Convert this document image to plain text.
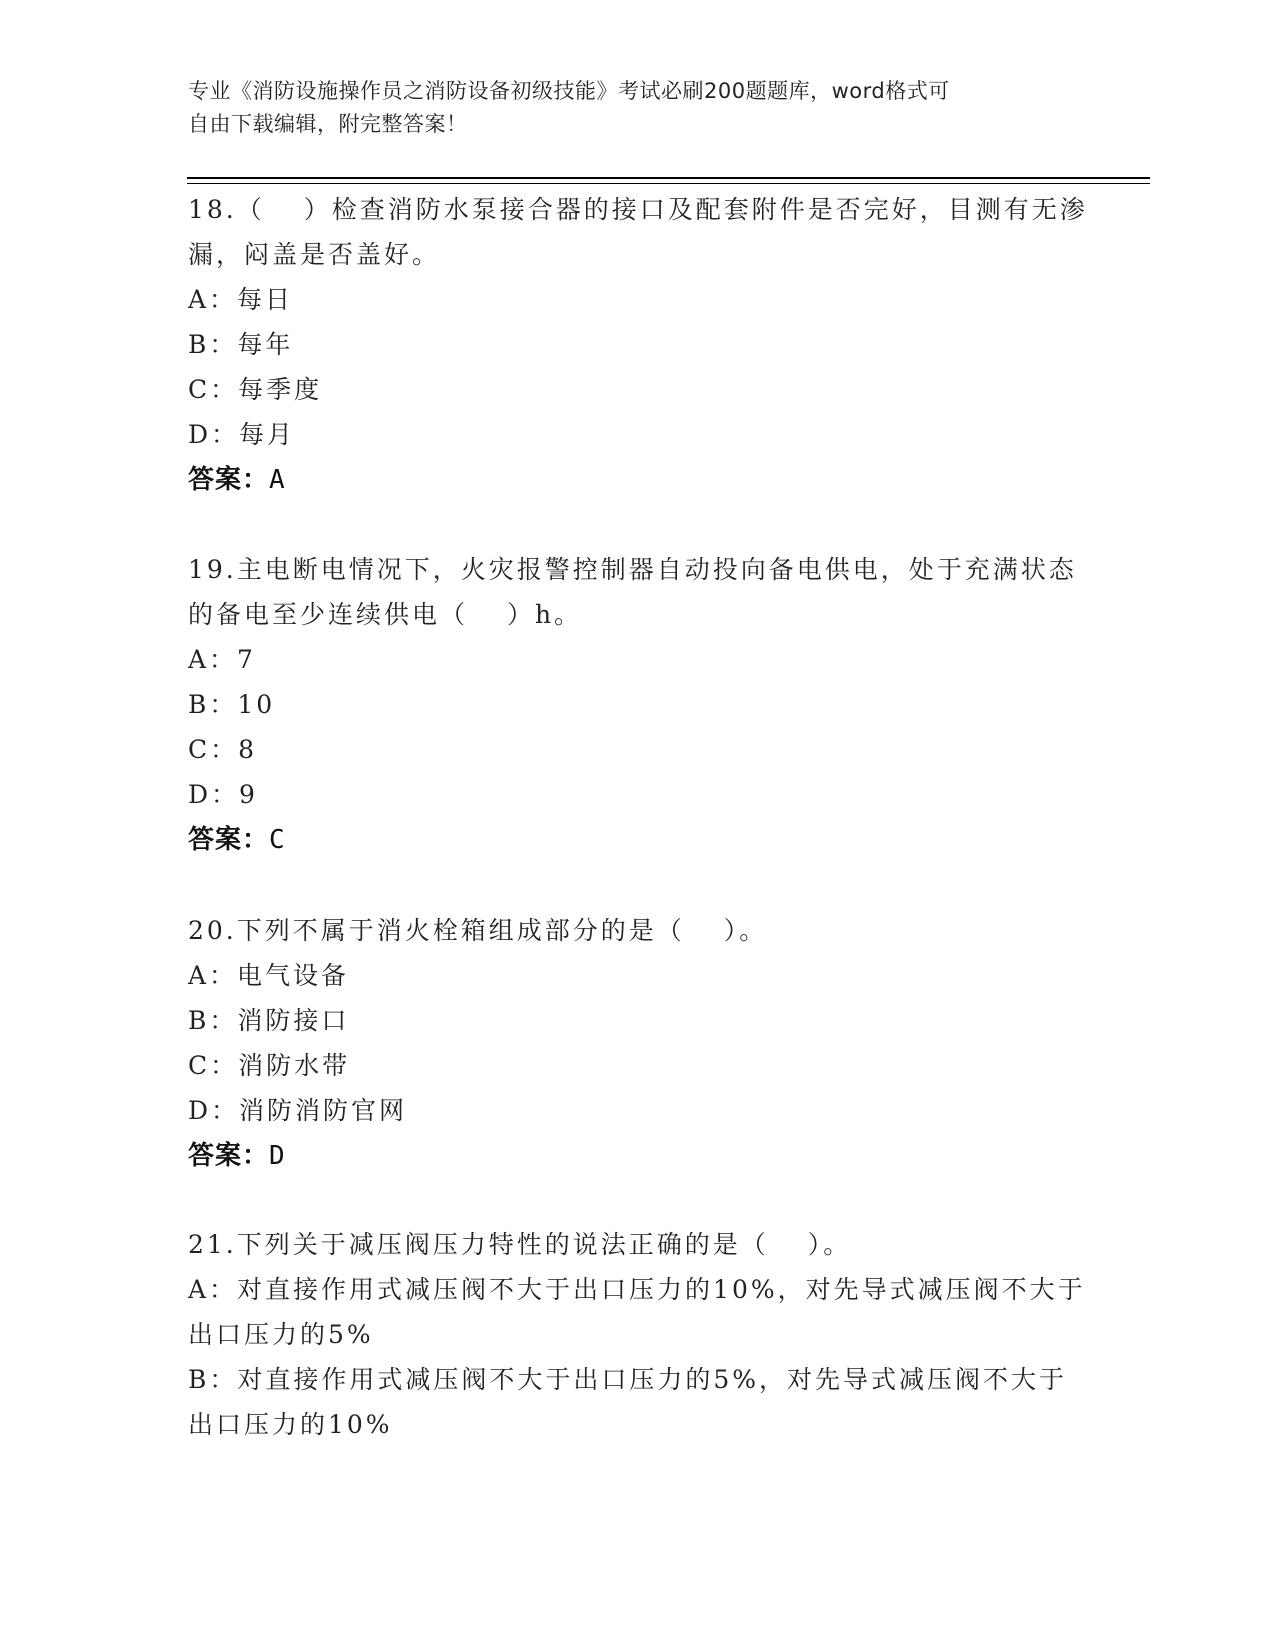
专业《消防设施操作员之消防设备初级技能》考试必刷200题题库，word格式可
自由下载编辑，附完整答案！
18.（　 ）检查消防水泵接合器的接口及配套附件是否完好，目测有无渗漏，闷盖是否盖好。
A：每日
B：每年
C：每季度
D：每月
答案：A
19.主电断电情况下，火灾报警控制器自动投向备电供电，处于充满状态的备电至少连续供电（　 ）h。
A：7
B：10
C：8
D：9
答案：C
20.下列不属于消火栓箱组成部分的是（　 ）。
A：电气设备
B：消防接口
C：消防水带
D：消防消防官网
答案：D
21.下列关于减压阀压力特性的说法正确的是（　 ）。
A：对直接作用式减压阀不大于出口压力的10%，对先导式减压阀不大于出口压力的5%
B：对直接作用式减压阀不大于出口压力的5%，对先导式减压阀不大于出口压力的10%
